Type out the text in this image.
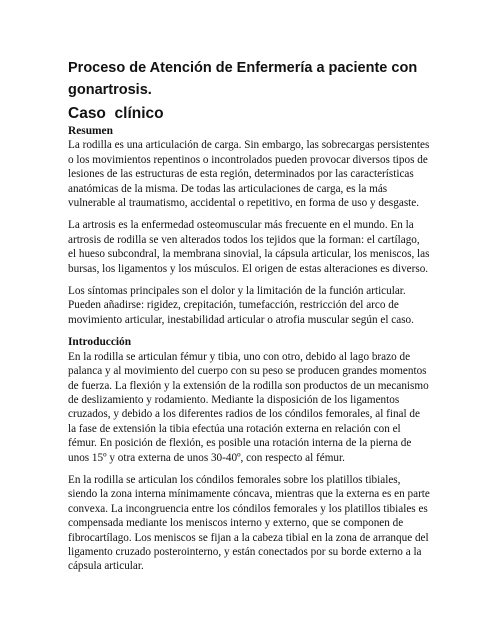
Proceso de Atención de Enfermería a paciente con gonartrosis.
Caso  clínico
Resumen

La rodilla es una articulación de carga. Sin embargo, las sobrecargas persistentes o los movimientos repentinos o incontrolados pueden provocar diversos tipos de lesiones de las estructuras de esta región, determinados por las características anatómicas de la misma. De todas las articulaciones de carga, es la más vulnerable al traumatismo, accidental o repetitivo, en forma de uso y desgaste.

La artrosis es la enfermedad osteomuscular más frecuente en el mundo. En la artrosis de rodilla se ven alterados todos los tejidos que la forman: el cartílago, el hueso subcondral, la membrana sinovial, la cápsula articular, los meniscos, las bursas, los ligamentos y los músculos. El origen de estas alteraciones es diverso.

Los síntomas principales son el dolor y la limitación de la función articular. Pueden añadirse: rigidez, crepitación, tumefacción, restricción del arco de movimiento articular, inestabilidad articular o atrofia muscular según el caso.

Introducción

En la rodilla se articulan fémur y tibia, uno con otro, debido al lago brazo de palanca y al movimiento del cuerpo con su peso se producen grandes momentos de fuerza. La flexión y la extensión de la rodilla son productos de un mecanismo de deslizamiento y rodamiento. Mediante la disposición de los ligamentos cruzados, y debido a los diferentes radios de los cóndilos femorales, al final de la fase de extensión la tibia efectúa una rotación externa en relación con el fémur. En posición de flexión, es posible una rotación interna de la pierna de unos 15º y otra externa de unos 30-40º, con respecto al fémur.

En la rodilla se articulan los cóndilos femorales sobre los platillos tibiales, siendo la zona interna mínimamente cóncava, mientras que la externa es en parte convexa. La incongruencia entre los cóndilos femorales y los platillos tibiales es compensada mediante los meniscos interno y externo, que se componen de fibrocartílago. Los meniscos se fijan a la cabeza tibial en la zona de arranque del ligamento cruzado posterointerno, y están conectados por su borde externo a la cápsula articular.
